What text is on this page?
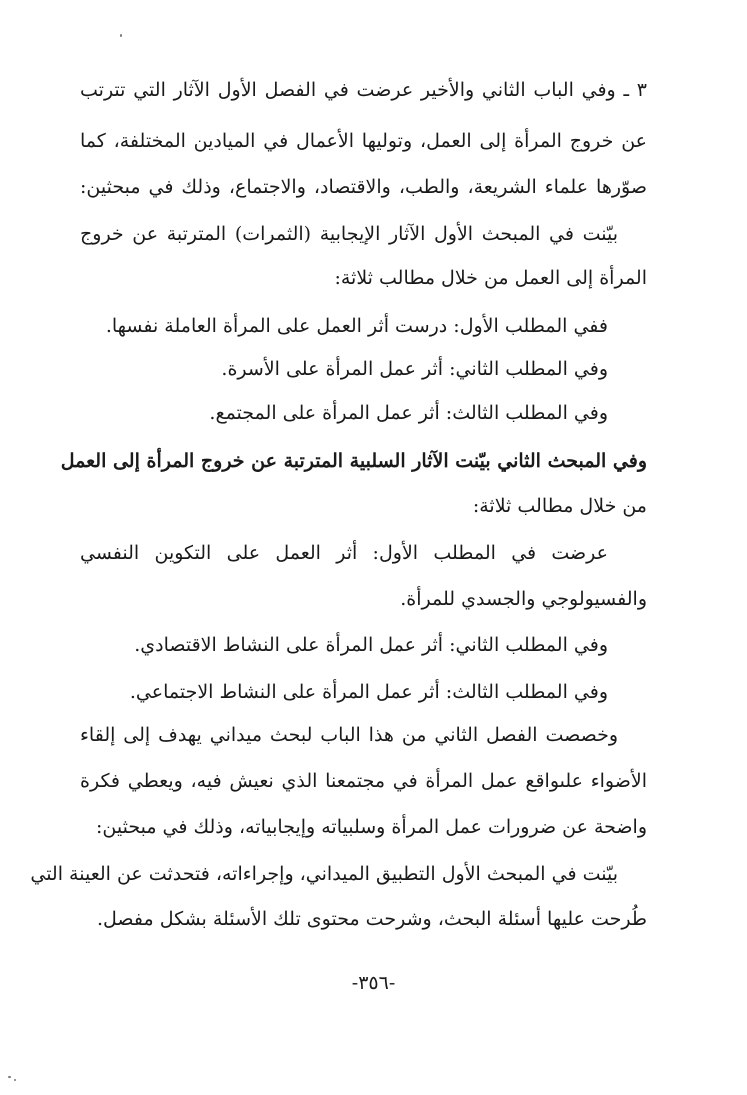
٣ ـ وفي الباب الثاني والأخير عرضت في الفصل الأول الآثار التي تترتب
عن خروج المرأة إلى العمل، وتوليها الأعمال في الميادين المختلفة، كما
صوّرها علماء الشريعة، والطب، والاقتصاد، والاجتماع، وذلك في مبحثين:
بيّنت في المبحث الأول الآثار الإيجابية (الثمرات) المترتبة عن خروج
المرأة إلى العمل من خلال مطالب ثلاثة:
ففي المطلب الأول: درست أثر العمل على المرأة العاملة نفسها.
وفي المطلب الثاني: أثر عمل المرأة على الأسرة.
وفي المطلب الثالث: أثر عمل المرأة على المجتمع.
وفي المبحث الثاني بيّنت الآثار السلبية المترتبة عن خروج المرأة إلى العمل
من خلال مطالب ثلاثة:
عرضت في المطلب الأول: أثر العمل على التكوين النفسي
والفسيولوجي والجسدي للمرأة.
وفي المطلب الثاني: أثر عمل المرأة على النشاط الاقتصادي.
وفي المطلب الثالث: أثر عمل المرأة على النشاط الاجتماعي.
وخصصت الفصل الثاني من هذا الباب لبحث ميداني يهدف إلى إلقاء
الأضواء علىواقع عمل المرأة في مجتمعنا الذي نعيش فيه، ويعطي فكرة
واضحة عن ضرورات عمل المرأة وسلبياته وإيجابياته، وذلك في مبحثين:
بيّنت في المبحث الأول التطبيق الميداني، وإجراءاته، فتحدثت عن العينة التي
طُرحت عليها أسئلة البحث، وشرحت محتوى تلك الأسئلة بشكل مفصل.
-٣٥٦-
